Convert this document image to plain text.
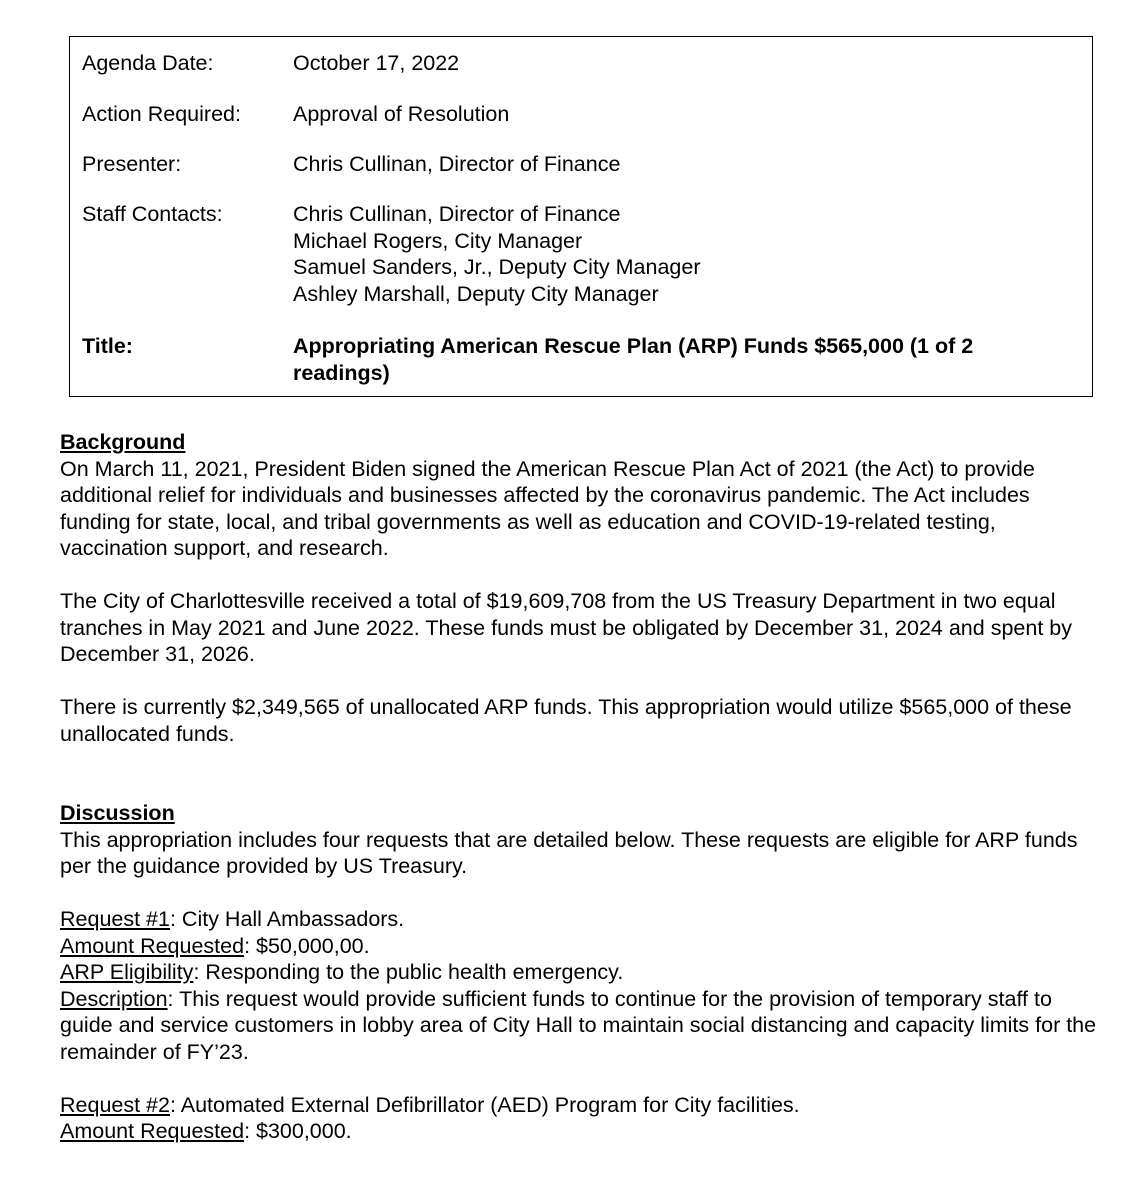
Agenda Date:	October 17, 2022
Action Required: Approval of Resolution
Presenter:	Chris Cullinan, Director of Finance
Staff Contacts:	Chris Cullinan, Director of Finance
Michael Rogers, City Manager
Samuel Sanders, Jr., Deputy City Manager
Ashley Marshall, Deputy City Manager
Title:	Appropriating American Rescue Plan (ARP) Funds $565,000 (1 of 2
readings)
Background

On March 11, 2021, President Biden signed the American Rescue Plan Act of 2021 (the Act) to provide additional relief for individuals and businesses affected by the coronavirus pandemic. The Act includes funding for state, local, and tribal governments as well as education and COVID-19-related testing, vaccination support, and research.

The City of Charlottesville received a total of $19,609,708 from the US Treasury Department in two equal tranches in May 2021 and June 2022. These funds must be obligated by December 31, 2024 and spent by December 31, 2026.

There is currently $2,349,565 of unallocated ARP funds. This appropriation would utilize $565,000 of these unallocated funds.

Discussion

This appropriation includes four requests that are detailed below. These requests are eligible for ARP funds per the guidance provided by US Treasury.

Request #1: City Hall Ambassadors.

Amount Requested: $50,000,00.

ARP Eligibility: Responding to the public health emergency.

Description: This request would provide sufficient funds to continue for the provision of temporary staff to guide and service customers in lobby area of City Hall to maintain social distancing and capacity limits for the remainder of FY’23.

Request #2: Automated External Defibrillator (AED) Program for City facilities.

Amount Requested: $300,000.
